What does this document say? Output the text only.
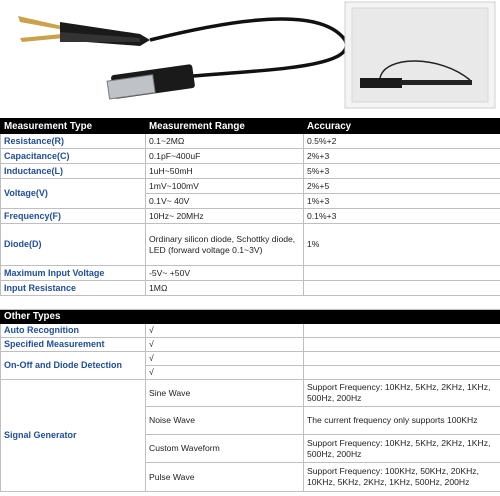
Measurement Type	Measurement Range	Accuracy
Resistance(R)	0.1~2MΩ	0.5%+2
Capacitance(C)	0.1pF~400uF	2%+3
Inductance(L)	1uH~50mH	5%+3
Voltage(V)	1mV~100mV	2%+5
	0.1V~ 40V	1%+3
Frequency(F)	10Hz~ 20MHz	0.1%+3
Diode(D)	Ordinary silicon diode, Schottky diode, LED (forward voltage 0.1~3V)	1%
Maximum Input Voltage	-5V~ +50V	
Input Resistance	1MΩ	

Other Types		
Auto Recognition	√	
Specified Measurement	√	
On-Off and Diode Detection	√	
	√	
Signal Generator	Sine Wave	Support Frequency: 10KHz, 5KHz, 2KHz, 1KHz, 500Hz, 200Hz
	Noise Wave	The current frequency only supports 100KHz
	Custom Waveform	Support Frequency: 10KHz, 5KHz, 2KHz, 1KHz, 500Hz, 200Hz
	Pulse Wave	Support Frequency: 100KHz, 50KHz, 20KHz, 10KHz, 5KHz, 2KHz, 1KHz, 500Hz, 200Hz
